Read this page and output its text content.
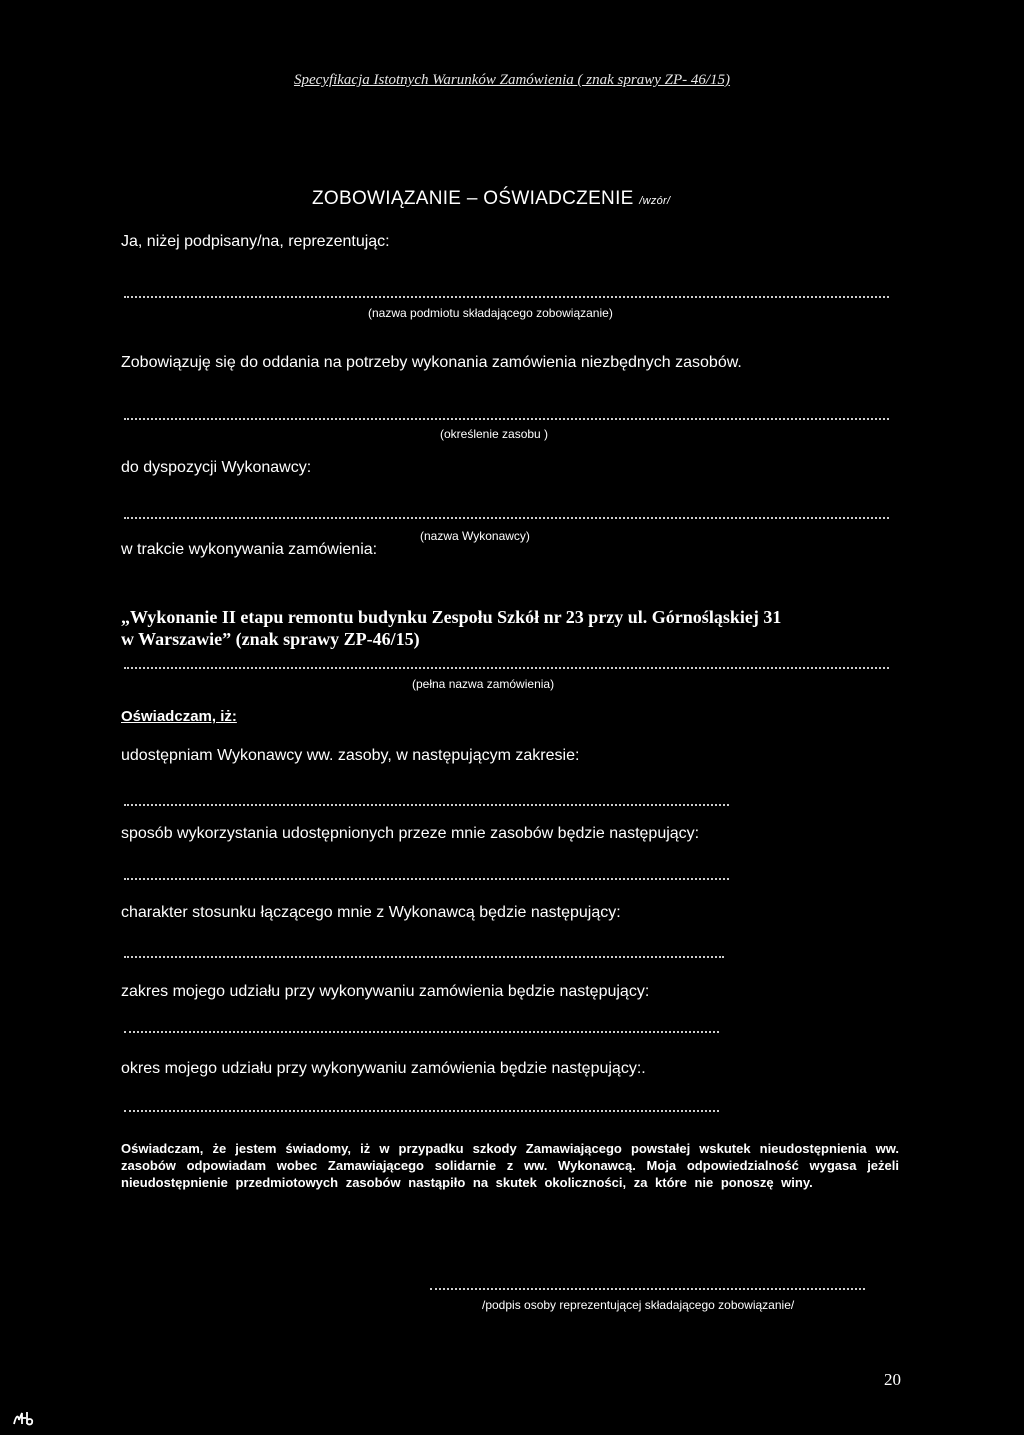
Specyfikacja Istotnych Warunków Zamówienia ( znak sprawy ZP- 46/15)
ZOBOWIĄZANIE – OŚWIADCZENIE /wzór/
Ja, niżej podpisany/na, reprezentując:
(nazwa podmiotu składającego zobowiązanie)
Zobowiązuję się do oddania na potrzeby wykonania zamówienia niezbędnych zasobów.
(określenie zasobu )
do dyspozycji Wykonawcy:
(nazwa Wykonawcy)
w trakcie wykonywania zamówienia:
„Wykonanie II etapu remontu budynku Zespołu Szkół nr 23 przy ul. Górnośląskiej 31
w Warszawie” (znak sprawy ZP-46/15)
(pełna nazwa zamówienia)
Oświadczam, iż:
udostępniam Wykonawcy ww. zasoby, w następującym zakresie:
sposób wykorzystania udostępnionych przeze mnie zasobów będzie następujący:
charakter stosunku łączącego mnie z Wykonawcą będzie następujący:
zakres mojego udziału przy wykonywaniu zamówienia będzie następujący:
okres mojego udziału przy wykonywaniu zamówienia będzie następujący:.
Oświadczam, że jestem świadomy, iż w przypadku szkody Zamawiającego powstałej wskutek nieudostępnienia ww. zasobów odpowiadam wobec Zamawiającego solidarnie z ww. Wykonawcą. Moja odpowiedzialność wygasa jeżeli nieudostępnienie przedmiotowych zasobów nastąpiło na skutek okoliczności, za które nie ponoszę winy.
/podpis osoby reprezentującej składającego zobowiązanie/
20
